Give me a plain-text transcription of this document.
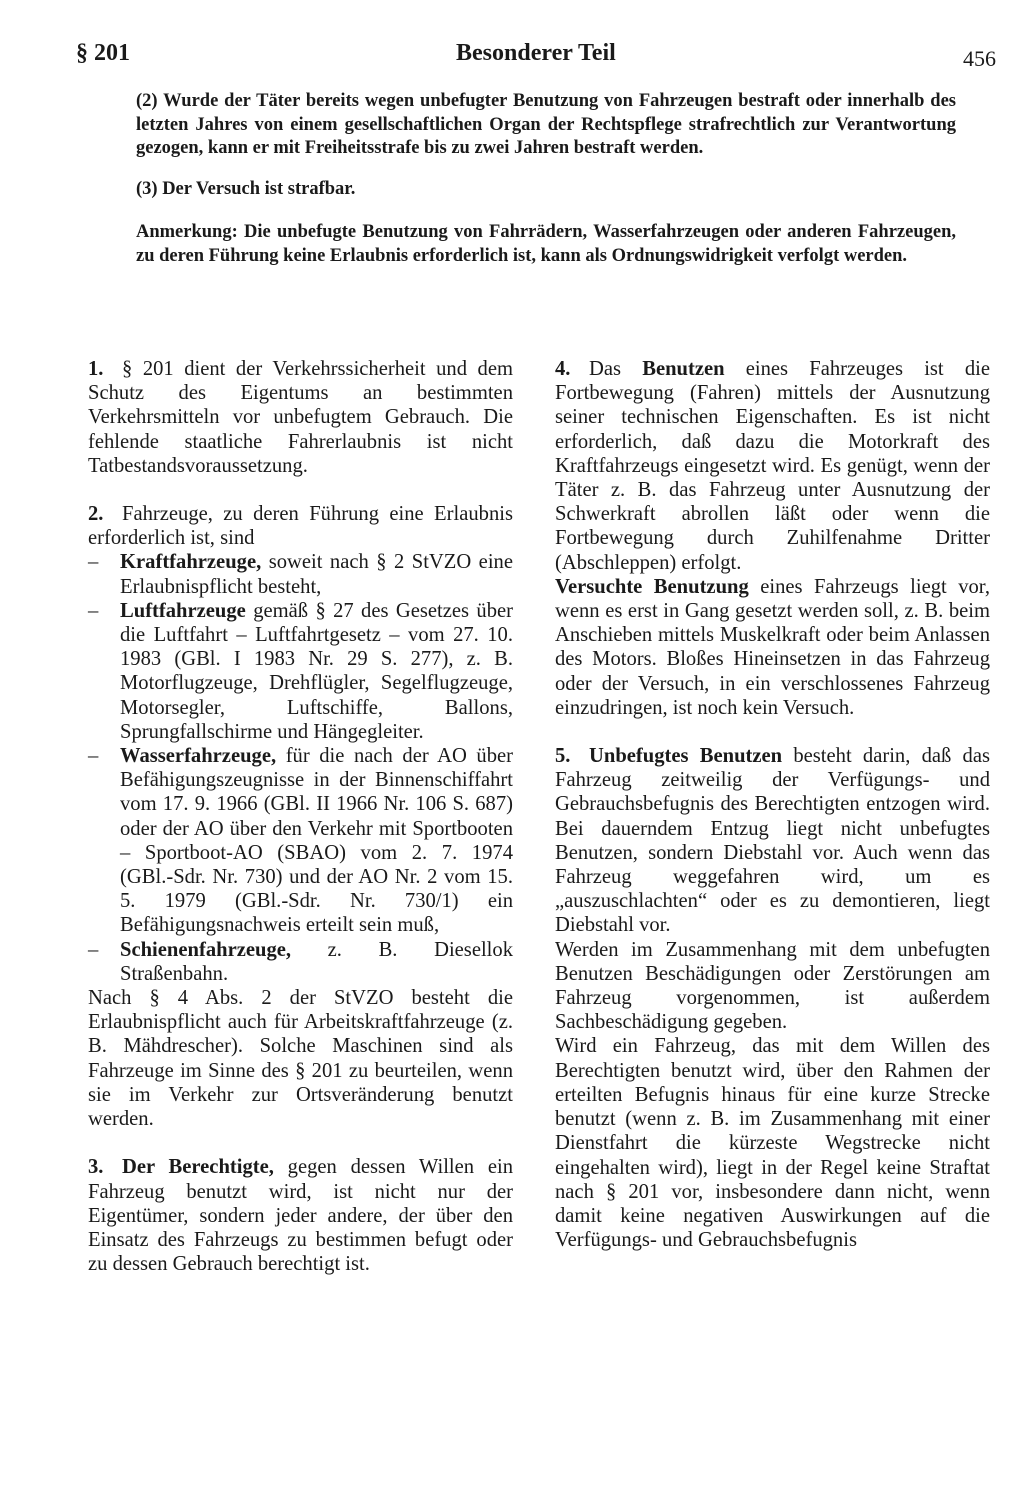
§ 201	Besonderer Teil	456

(2) Wurde der Täter bereits wegen unbefugter Benutzung von Fahrzeugen bestraft oder innerhalb des letzten Jahres von einem gesellschaftlichen Organ der Rechtspflege strafrechtlich zur Verantwortung gezogen, kann er mit Freiheitsstrafe bis zu zwei Jahren bestraft werden.

(3) Der Versuch ist strafbar.

Anmerkung: Die unbefugte Benutzung von Fahrrädern, Wasserfahrzeugen oder anderen Fahrzeugen, zu deren Führung keine Erlaubnis erforderlich ist, kann als Ordnungswidrigkeit verfolgt werden.

1. § 201 dient der Verkehrssicherheit und dem Schutz des Eigentums an bestimmten Verkehrsmitteln vor unbefugtem Gebrauch. Die fehlende staatliche Fahrerlaubnis ist nicht Tatbestandsvoraussetzung.

2. Fahrzeuge, zu deren Führung eine Erlaubnis erforderlich ist, sind

– Kraftfahrzeuge, soweit nach § 2 StVZO eine Erlaubnispflicht besteht,
– Luftfahrzeuge gemäß § 27 des Gesetzes über die Luftfahrt – Luftfahrtgesetz – vom 27. 10. 1983 (GBl. I 1983 Nr. 29 S. 277), z. B. Motorflugzeuge, Drehflügler, Segelflugzeuge, Motorsegler, Luftschiffe, Ballons, Sprungfallschirme und Hängegleiter.
– Wasserfahrzeuge, für die nach der AO über Befähigungszeugnisse in der Binnenschiffahrt vom 17. 9. 1966 (GBl. II 1966 Nr. 106 S. 687) oder der AO über den Verkehr mit Sportbooten – Sportboot-AO (SBAO) vom 2. 7. 1974 (GBl.-Sdr. Nr. 730) und der AO Nr. 2 vom 15. 5. 1979 (GBl.-Sdr. Nr. 730/1) ein Befähigungsnachweis erteilt sein muß,
– Schienenfahrzeuge, z. B. Diesellok Straßenbahn.

Nach § 4 Abs. 2 der StVZO besteht die Erlaubnispflicht auch für Arbeitskraftfahrzeuge (z. B. Mähdrescher). Solche Maschinen sind als Fahrzeuge im Sinne des § 201 zu beurteilen, wenn sie im Verkehr zur Ortsveränderung benutzt werden.

3. Der Berechtigte, gegen dessen Willen ein Fahrzeug benutzt wird, ist nicht nur der Eigentümer, sondern jeder andere, der über den Einsatz des Fahrzeugs zu bestimmen befugt oder zu dessen Gebrauch berechtigt ist.

4. Das Benutzen eines Fahrzeuges ist die Fortbewegung (Fahren) mittels der Ausnutzung seiner technischen Eigenschaften. Es ist nicht erforderlich, daß dazu die Motorkraft des Kraftfahrzeugs eingesetzt wird. Es genügt, wenn der Täter z. B. das Fahrzeug unter Ausnutzung der Schwerkraft abrollen läßt oder wenn die Fortbewegung durch Zuhilfenahme Dritter (Abschleppen) erfolgt.

Versuchte Benutzung eines Fahrzeugs liegt vor, wenn es erst in Gang gesetzt werden soll, z. B. beim Anschieben mittels Muskelkraft oder beim Anlassen des Motors. Bloßes Hineinsetzen in das Fahrzeug oder der Versuch, in ein verschlossenes Fahrzeug einzudringen, ist noch kein Versuch.

5. Unbefugtes Benutzen besteht darin, daß das Fahrzeug zeitweilig der Verfügungs- und Gebrauchsbefugnis des Berechtigten entzogen wird. Bei dauerndem Entzug liegt nicht unbefugtes Benutzen, sondern Diebstahl vor. Auch wenn das Fahrzeug weggefahren wird, um es „auszuschlachten“ oder es zu demontieren, liegt Diebstahl vor.

Werden im Zusammenhang mit dem unbefugten Benutzen Beschädigungen oder Zerstörungen am Fahrzeug vorgenommen, ist außerdem Sachbeschädigung gegeben.

Wird ein Fahrzeug, das mit dem Willen des Berechtigten benutzt wird, über den Rahmen der erteilten Befugnis hinaus für eine kurze Strecke benutzt (wenn z. B. im Zusammenhang mit einer Dienstfahrt die kürzeste Wegstrecke nicht eingehalten wird), liegt in der Regel keine Straftat nach § 201 vor, insbesondere dann nicht, wenn damit keine negativen Auswirkungen auf die Verfügungs- und Gebrauchsbefugnis
